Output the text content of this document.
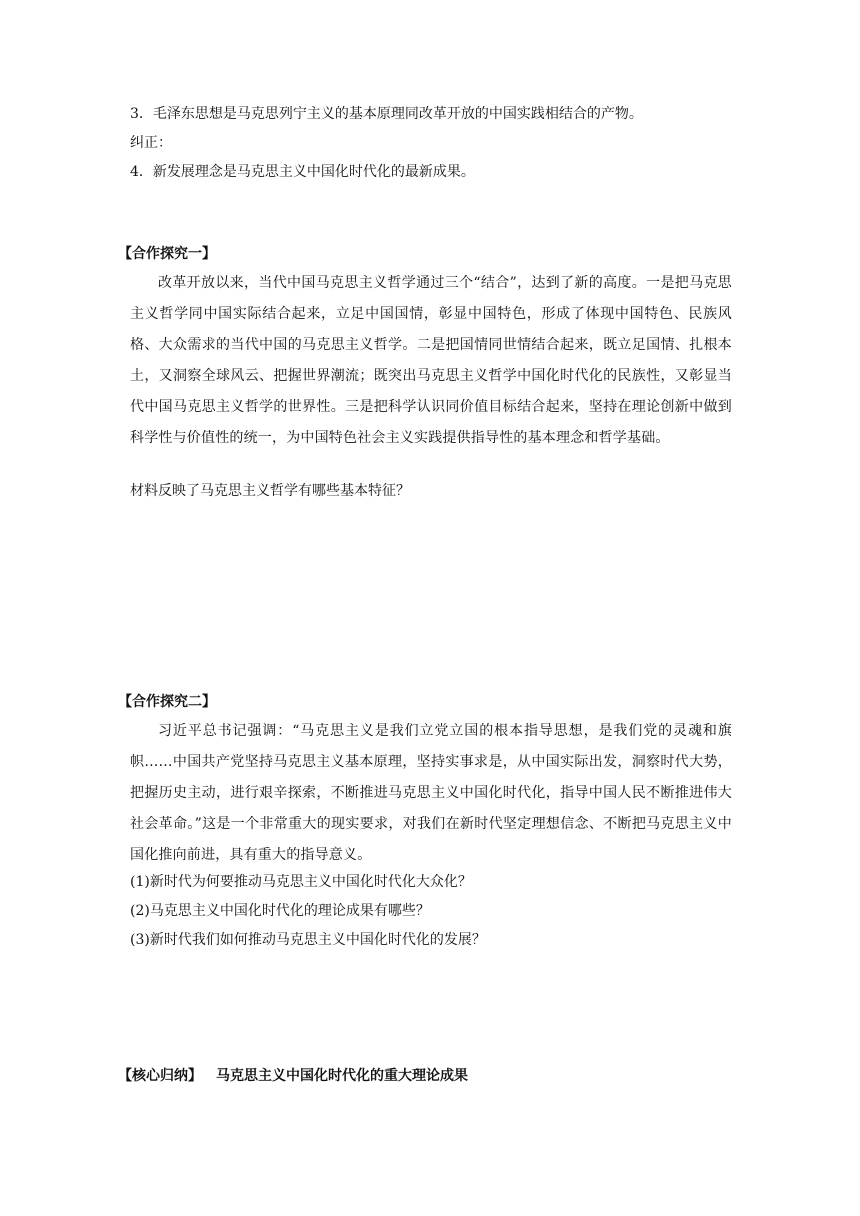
3．毛泽东思想是马克思列宁主义的基本原理同改革开放的中国实践相结合的产物。
纠正：
4．新发展理念是马克思主义中国化时代化的最新成果。
【合作探究一】
改革开放以来，当代中国马克思主义哲学通过三个“结合”，达到了新的高度。一是把马克思主义哲学同中国实际结合起来，立足中国国情，彰显中国特色，形成了体现中国特色、民族风格、大众需求的当代中国的马克思主义哲学。二是把国情同世情结合起来，既立足国情、扎根本土，又洞察全球风云、把握世界潮流；既突出马克思主义哲学中国化时代化的民族性，又彰显当代中国马克思主义哲学的世界性。三是把科学认识同价值目标结合起来，坚持在理论创新中做到科学性与价值性的统一，为中国特色社会主义实践提供指导性的基本理念和哲学基础。
材料反映了马克思主义哲学有哪些基本特征？
【合作探究二】
习近平总书记强调：“马克思主义是我们立党立国的根本指导思想，是我们党的灵魂和旗帜……中国共产党坚持马克思主义基本原理，坚持实事求是，从中国实际出发，洞察时代大势，把握历史主动，进行艰辛探索，不断推进马克思主义中国化时代化，指导中国人民不断推进伟大社会革命。”这是一个非常重大的现实要求，对我们在新时代坚定理想信念、不断把马克思主义中国化推向前进，具有重大的指导意义。
(1)新时代为何要推动马克思主义中国化时代化大众化？
(2)马克思主义中国化时代化的理论成果有哪些？
(3)新时代我们如何推动马克思主义中国化时代化的发展？
【核心归纳】 马克思主义中国化时代化的重大理论成果
